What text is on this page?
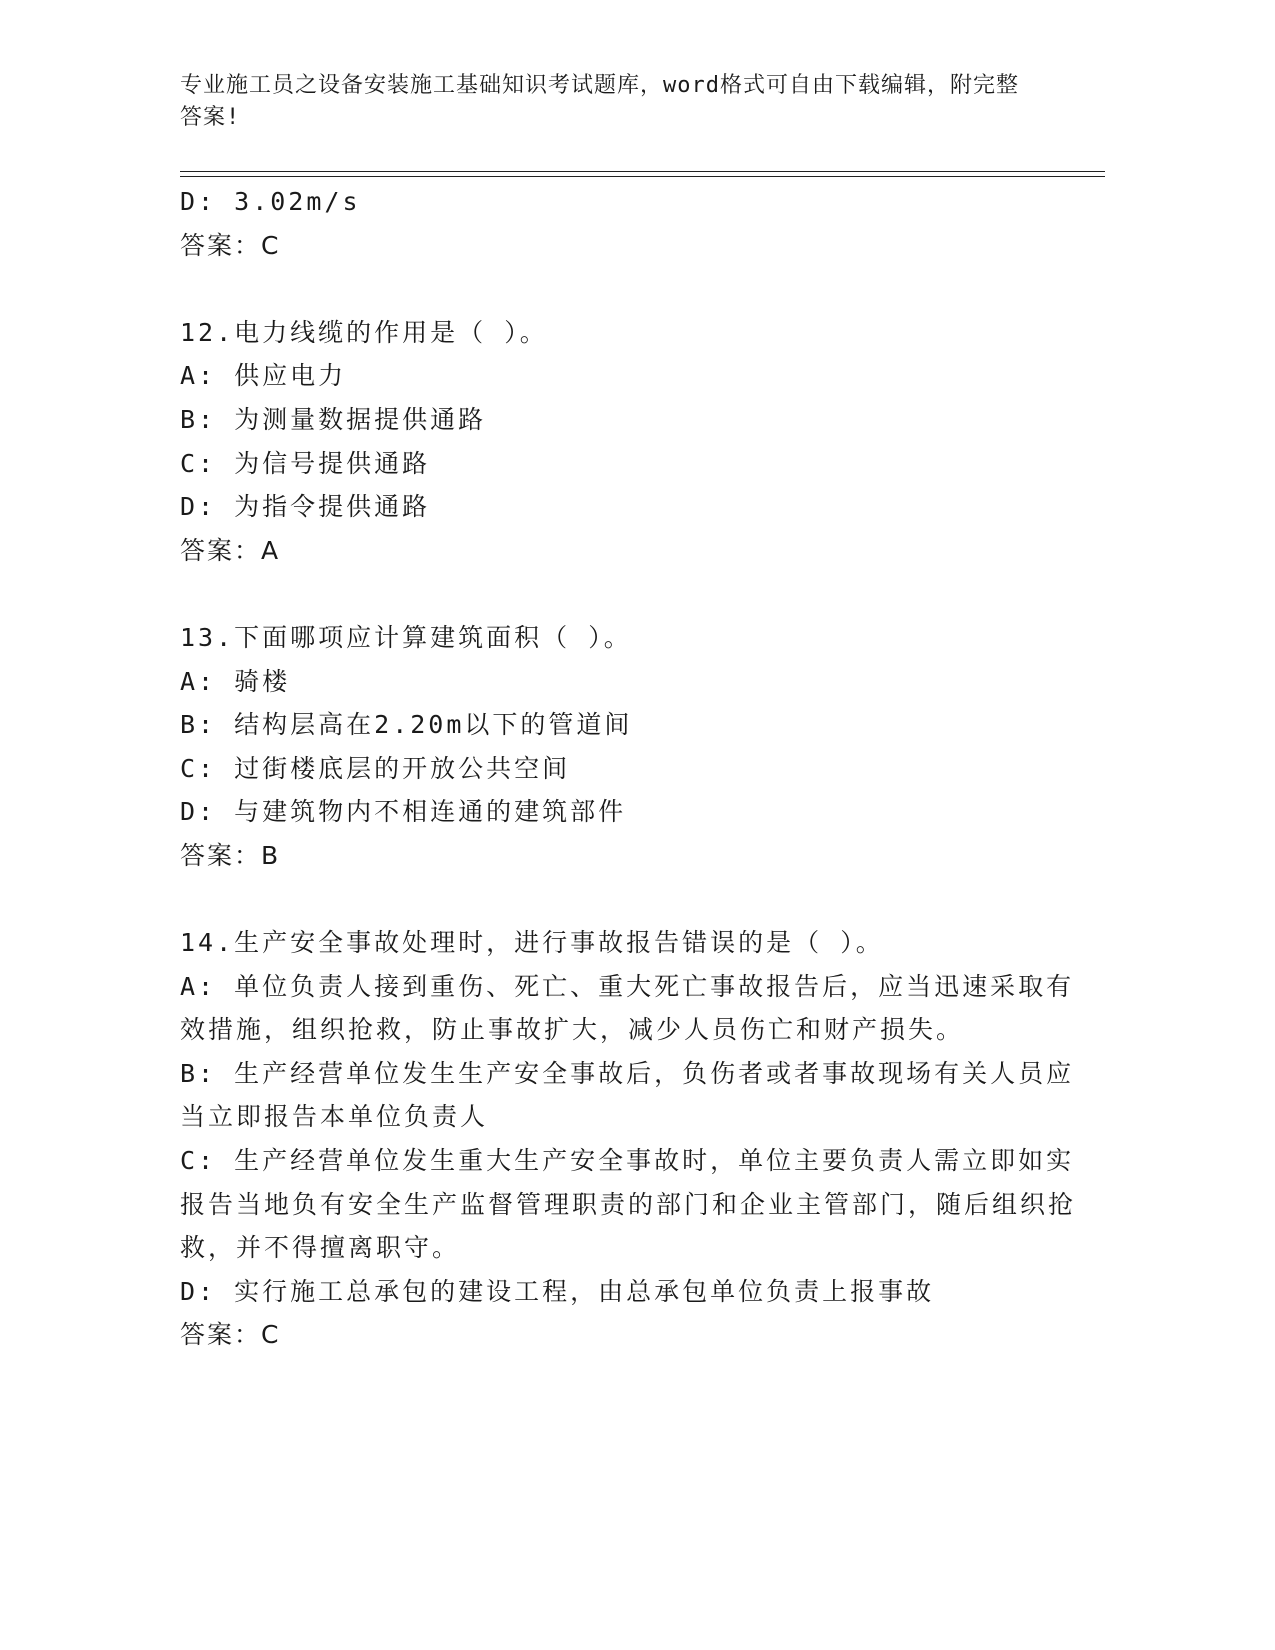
专业施工员之设备安装施工基础知识考试题库，word格式可自由下载编辑，附完整答案!

D: 3.02m/s

答案：C

12.电力线缆的作用是（ ）。

A: 供应电力

B: 为测量数据提供通路

C: 为信号提供通路

D: 为指令提供通路

答案：A

13.下面哪项应计算建筑面积（ ）。

A: 骑楼

B: 结构层高在2.20m以下的管道间

C: 过街楼底层的开放公共空间

D: 与建筑物内不相连通的建筑部件

答案：B

14.生产安全事故处理时，进行事故报告错误的是（ ）。

A: 单位负责人接到重伤、死亡、重大死亡事故报告后，应当迅速采取有效措施，组织抢救，防止事故扩大，减少人员伤亡和财产损失。

B: 生产经营单位发生生产安全事故后，负伤者或者事故现场有关人员应当立即报告本单位负责人

C: 生产经营单位发生重大生产安全事故时，单位主要负责人需立即如实报告当地负有安全生产监督管理职责的部门和企业主管部门，随后组织抢救，并不得擅离职守。

D: 实行施工总承包的建设工程，由总承包单位负责上报事故

答案：C
